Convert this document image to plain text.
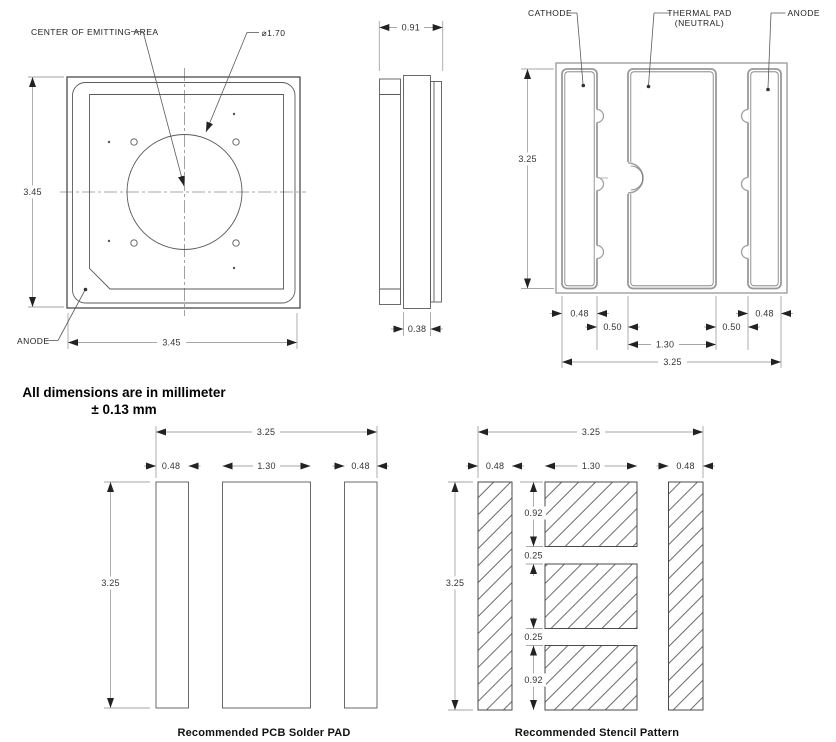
3.45
3.45
CENTER OF EMITTING AREA	⌀1.70
ANODE
0.91
0.38
CATHODE	THERMAL PAD
(NEUTRAL)
ANODE
3.25
0.48	0.48
0.50	0.50
1.30
3.25
All dimensions are in millimeter
± 0.13 mm
3.25
0.48	1.30	0.48
3.25
Recommended PCB Solder PAD
3.25
0.48	1.30	0.48
3.25
0.92
0.25
0.25
0.92
Recommended Stencil Pattern
